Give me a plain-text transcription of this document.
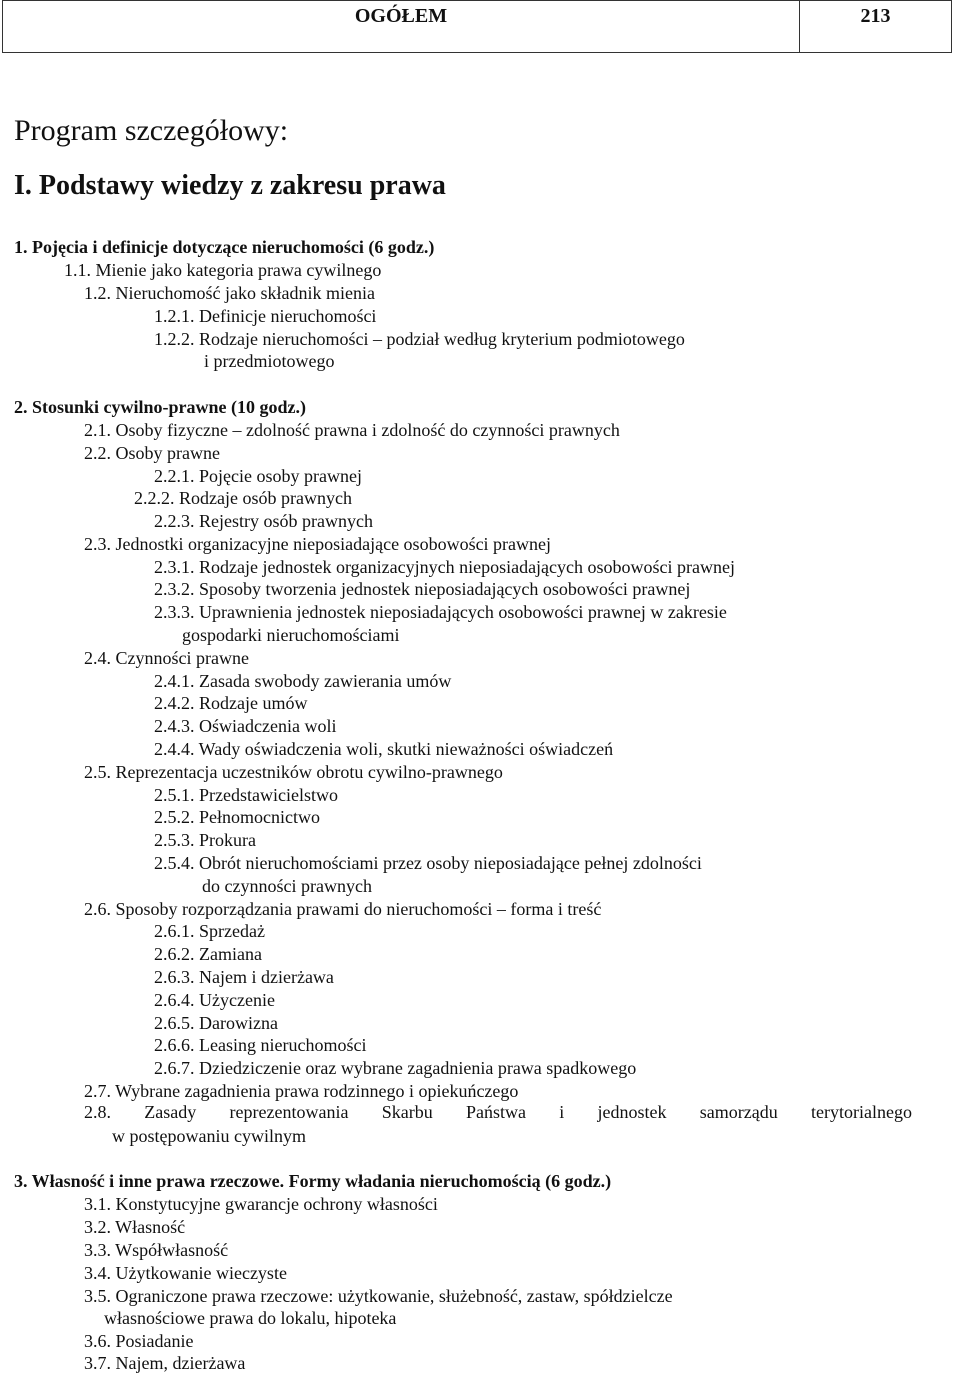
OGÓŁEM	213
Program szczegółowy:
I. Podstawy wiedzy z zakresu prawa
1. Pojęcia i definicje dotyczące nieruchomości (6 godz.)
1.1. Mienie jako kategoria prawa cywilnego
1.2. Nieruchomość jako składnik mienia
1.2.1. Definicje nieruchomości
1.2.2. Rodzaje nieruchomości – podział według kryterium podmiotowego
i przedmiotowego
2. Stosunki cywilno-prawne (10 godz.)
2.1. Osoby fizyczne – zdolność prawna i zdolność do czynności prawnych
2.2. Osoby prawne
2.2.1. Pojęcie osoby prawnej
2.2.2. Rodzaje osób prawnych
2.2.3. Rejestry osób prawnych
2.3. Jednostki organizacyjne nieposiadające osobowości prawnej
2.3.1. Rodzaje jednostek organizacyjnych nieposiadających osobowości prawnej
2.3.2. Sposoby tworzenia jednostek nieposiadających osobowości prawnej
2.3.3. Uprawnienia jednostek nieposiadających osobowości prawnej w zakresie
gospodarki nieruchomościami
2.4. Czynności prawne
2.4.1. Zasada swobody zawierania umów
2.4.2. Rodzaje umów
2.4.3. Oświadczenia woli
2.4.4. Wady oświadczenia woli, skutki nieważności oświadczeń
2.5. Reprezentacja uczestników obrotu cywilno-prawnego
2.5.1. Przedstawicielstwo
2.5.2. Pełnomocnictwo
2.5.3. Prokura
2.5.4. Obrót nieruchomościami przez osoby nieposiadające pełnej zdolności
do czynności prawnych
2.6. Sposoby rozporządzania prawami do nieruchomości – forma i treść
2.6.1. Sprzedaż
2.6.2. Zamiana
2.6.3. Najem i dzierżawa
2.6.4. Użyczenie
2.6.5. Darowizna
2.6.6. Leasing nieruchomości
2.6.7. Dziedziczenie oraz wybrane zagadnienia prawa spadkowego
2.7. Wybrane zagadnienia prawa rodzinnego i opiekuńczego
2.8. Zasady reprezentowania Skarbu Państwa i jednostek samorządu terytorialnego
w postępowaniu cywilnym
3. Własność i inne prawa rzeczowe. Formy władania nieruchomością (6 godz.)
3.1. Konstytucyjne gwarancje ochrony własności
3.2. Własność
3.3. Współwłasność
3.4. Użytkowanie wieczyste
3.5. Ograniczone prawa rzeczowe: użytkowanie, służebność, zastaw, spółdzielcze
własnościowe prawa do lokalu, hipoteka
3.6. Posiadanie
3.7. Najem, dzierżawa
